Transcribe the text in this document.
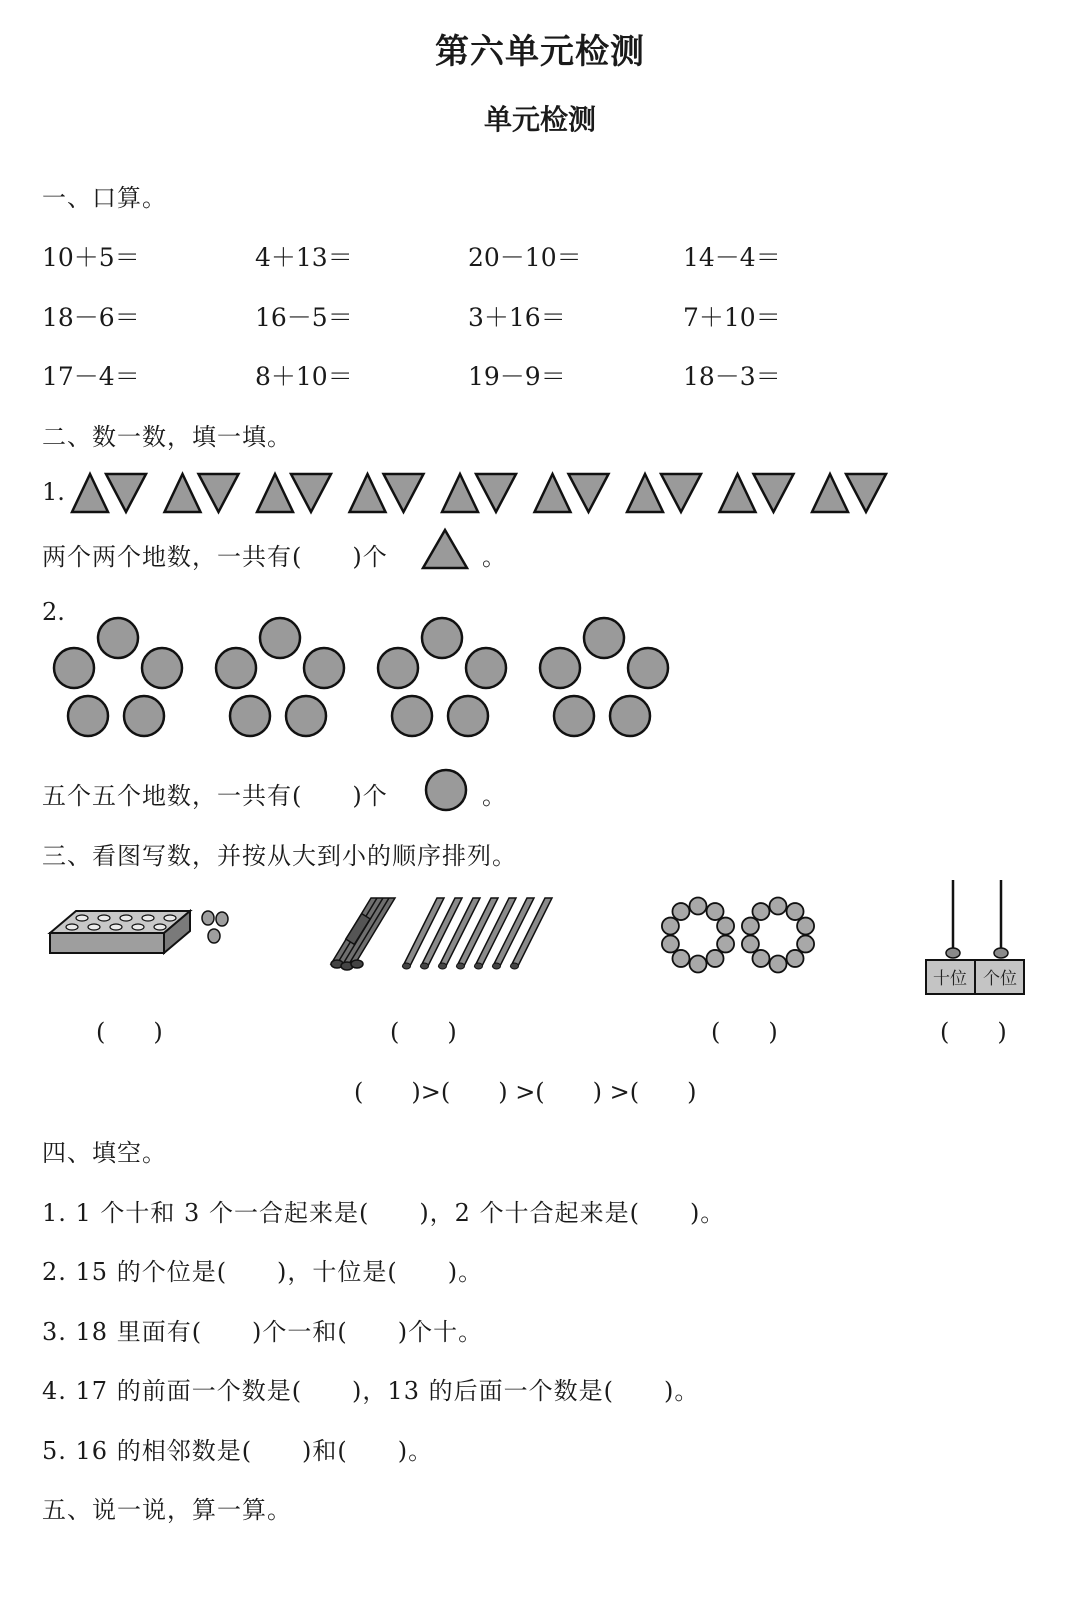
第六单元检测
单元检测
一、口算。
10＋5＝	4＋13＝	20－10＝	14－4＝
18－6＝	16－5＝	3＋16＝	7＋10＝
17－4＝	8＋10＝	19－9＝	18－3＝
二、数一数，填一填。
1.
两个两个地数，一共有(　　)个	。
2.
五个五个地数，一共有(　　)个	。
三、看图写数，并按从大到小的顺序排列。
十位 个位
(　　)	(　　)	(　　)	(　　)
(　　)>(　　) >(　　) >(　　)
四、填空。
1. 1 个十和 3 个一合起来是(　　)，2 个十合起来是(　　)。
2. 15 的个位是(　　)，十位是(　　)。
3. 18 里面有(　　)个一和(　　)个十。
4. 17 的前面一个数是(　　)，13 的后面一个数是(　　)。
5. 16 的相邻数是(　　)和(　　)。
五、说一说，算一算。
